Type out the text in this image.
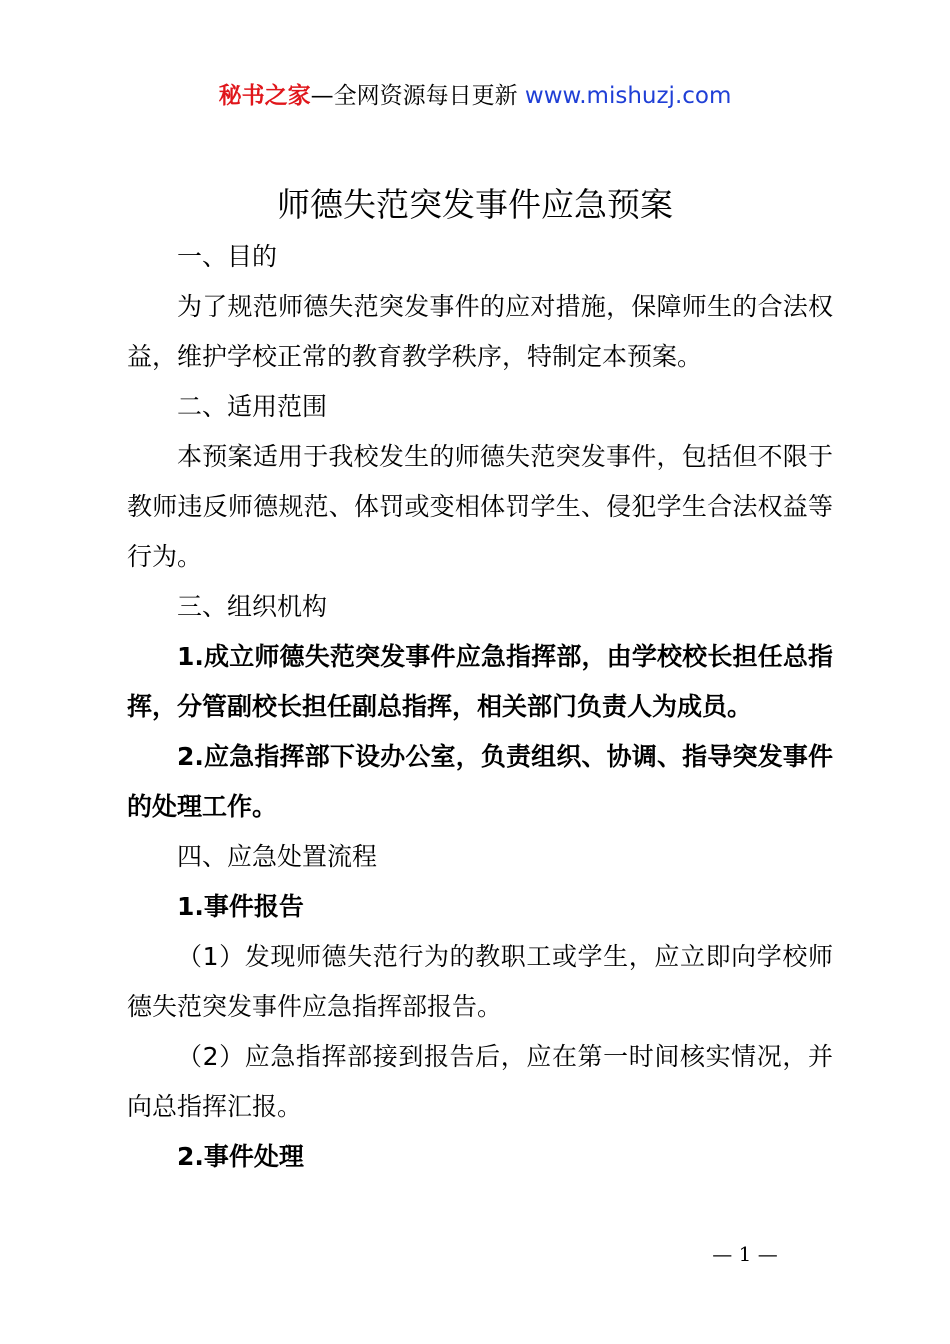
秘书之家—全网资源每日更新 www.mishuzj.com
师德失范突发事件应急预案

一、目的

为了规范师德失范突发事件的应对措施，保障师生的合法权益，维护学校正常的教育教学秩序，特制定本预案。

二、适用范围

本预案适用于我校发生的师德失范突发事件，包括但不限于教师违反师德规范、体罚或变相体罚学生、侵犯学生合法权益等行为。

三、组织机构

1.成立师德失范突发事件应急指挥部，由学校校长担任总指挥，分管副校长担任副总指挥，相关部门负责人为成员。

2.应急指挥部下设办公室，负责组织、协调、指导突发事件的处理工作。

四、应急处置流程

1.事件报告

（1）发现师德失范行为的教职工或学生，应立即向学校师德失范突发事件应急指挥部报告。

（2）应急指挥部接到报告后，应在第一时间核实情况，并向总指挥汇报。

2.事件处理

— 1 —
